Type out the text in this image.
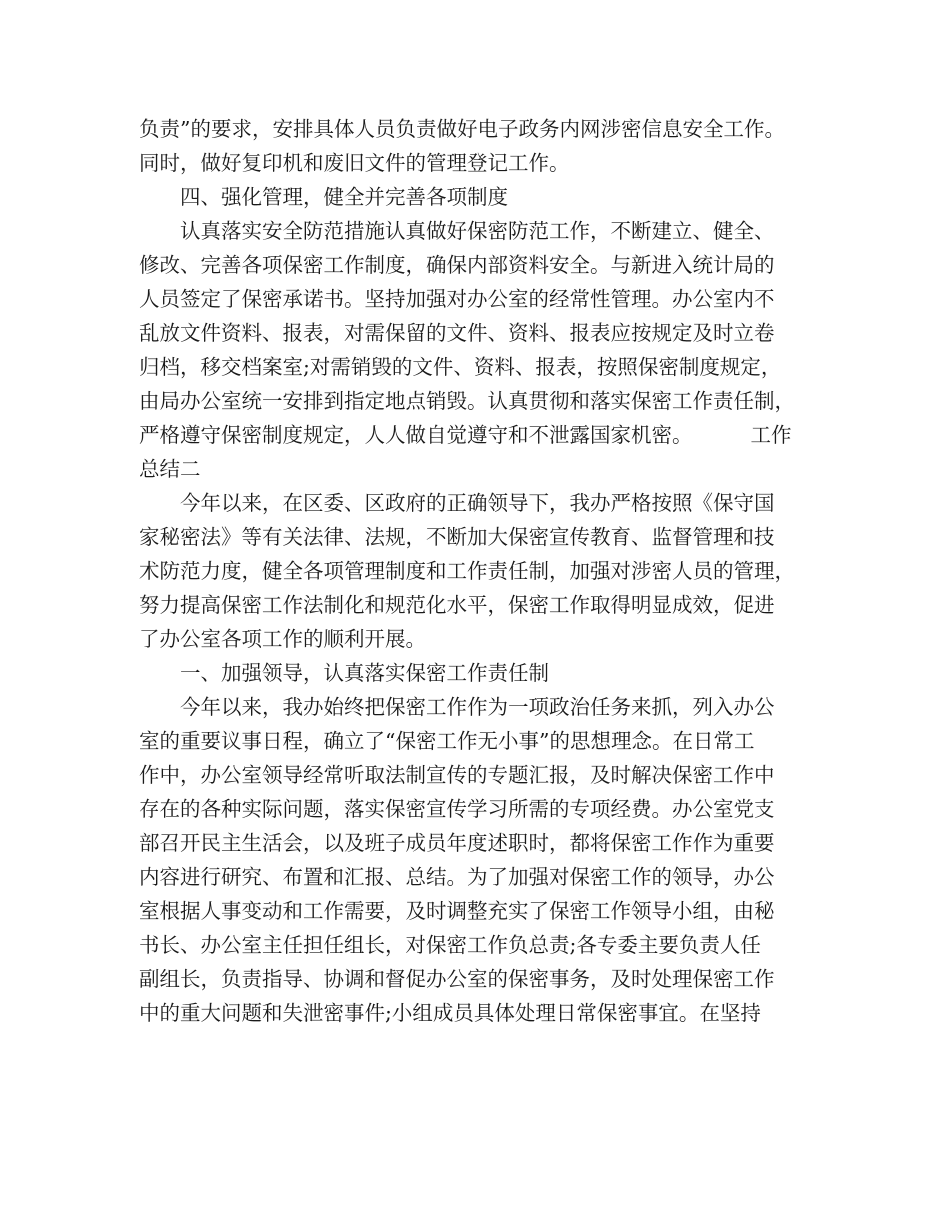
负责”的要求，安排具体人员负责做好电子政务内网涉密信息安全工作。
同时，做好复印机和废旧文件的管理登记工作。
四、强化管理，健全并完善各项制度
认真落实安全防范措施认真做好保密防范工作，不断建立、健全、
修改、完善各项保密工作制度，确保内部资料安全。与新进入统计局的
人员签定了保密承诺书。坚持加强对办公室的经常性管理。办公室内不
乱放文件资料、报表，对需保留的文件、资料、报表应按规定及时立卷
归档，移交档案室;对需销毁的文件、资料、报表，按照保密制度规定，
由局办公室统一安排到指定地点销毁。认真贯彻和落实保密工作责任制，
严格遵守保密制度规定，人人做自觉遵守和不泄露国家机密。	工作
总结二
今年以来，在区委、区政府的正确领导下，我办严格按照《保守国
家秘密法》等有关法律、法规，不断加大保密宣传教育、监督管理和技
术防范力度，健全各项管理制度和工作责任制，加强对涉密人员的管理，
努力提高保密工作法制化和规范化水平，保密工作取得明显成效，促进
了办公室各项工作的顺利开展。
一、加强领导，认真落实保密工作责任制
今年以来，我办始终把保密工作作为一项政治任务来抓，列入办公
室的重要议事日程，确立了“保密工作无小事”的思想理念。在日常工
作中，办公室领导经常听取法制宣传的专题汇报，及时解决保密工作中
存在的各种实际问题，落实保密宣传学习所需的专项经费。办公室党支
部召开民主生活会，以及班子成员年度述职时，都将保密工作作为重要
内容进行研究、布置和汇报、总结。为了加强对保密工作的领导，办公
室根据人事变动和工作需要，及时调整充实了保密工作领导小组，由秘
书长、办公室主任担任组长，对保密工作负总责;各专委主要负责人任
副组长，负责指导、协调和督促办公室的保密事务，及时处理保密工作
中的重大问题和失泄密事件;小组成员具体处理日常保密事宜。在坚持
